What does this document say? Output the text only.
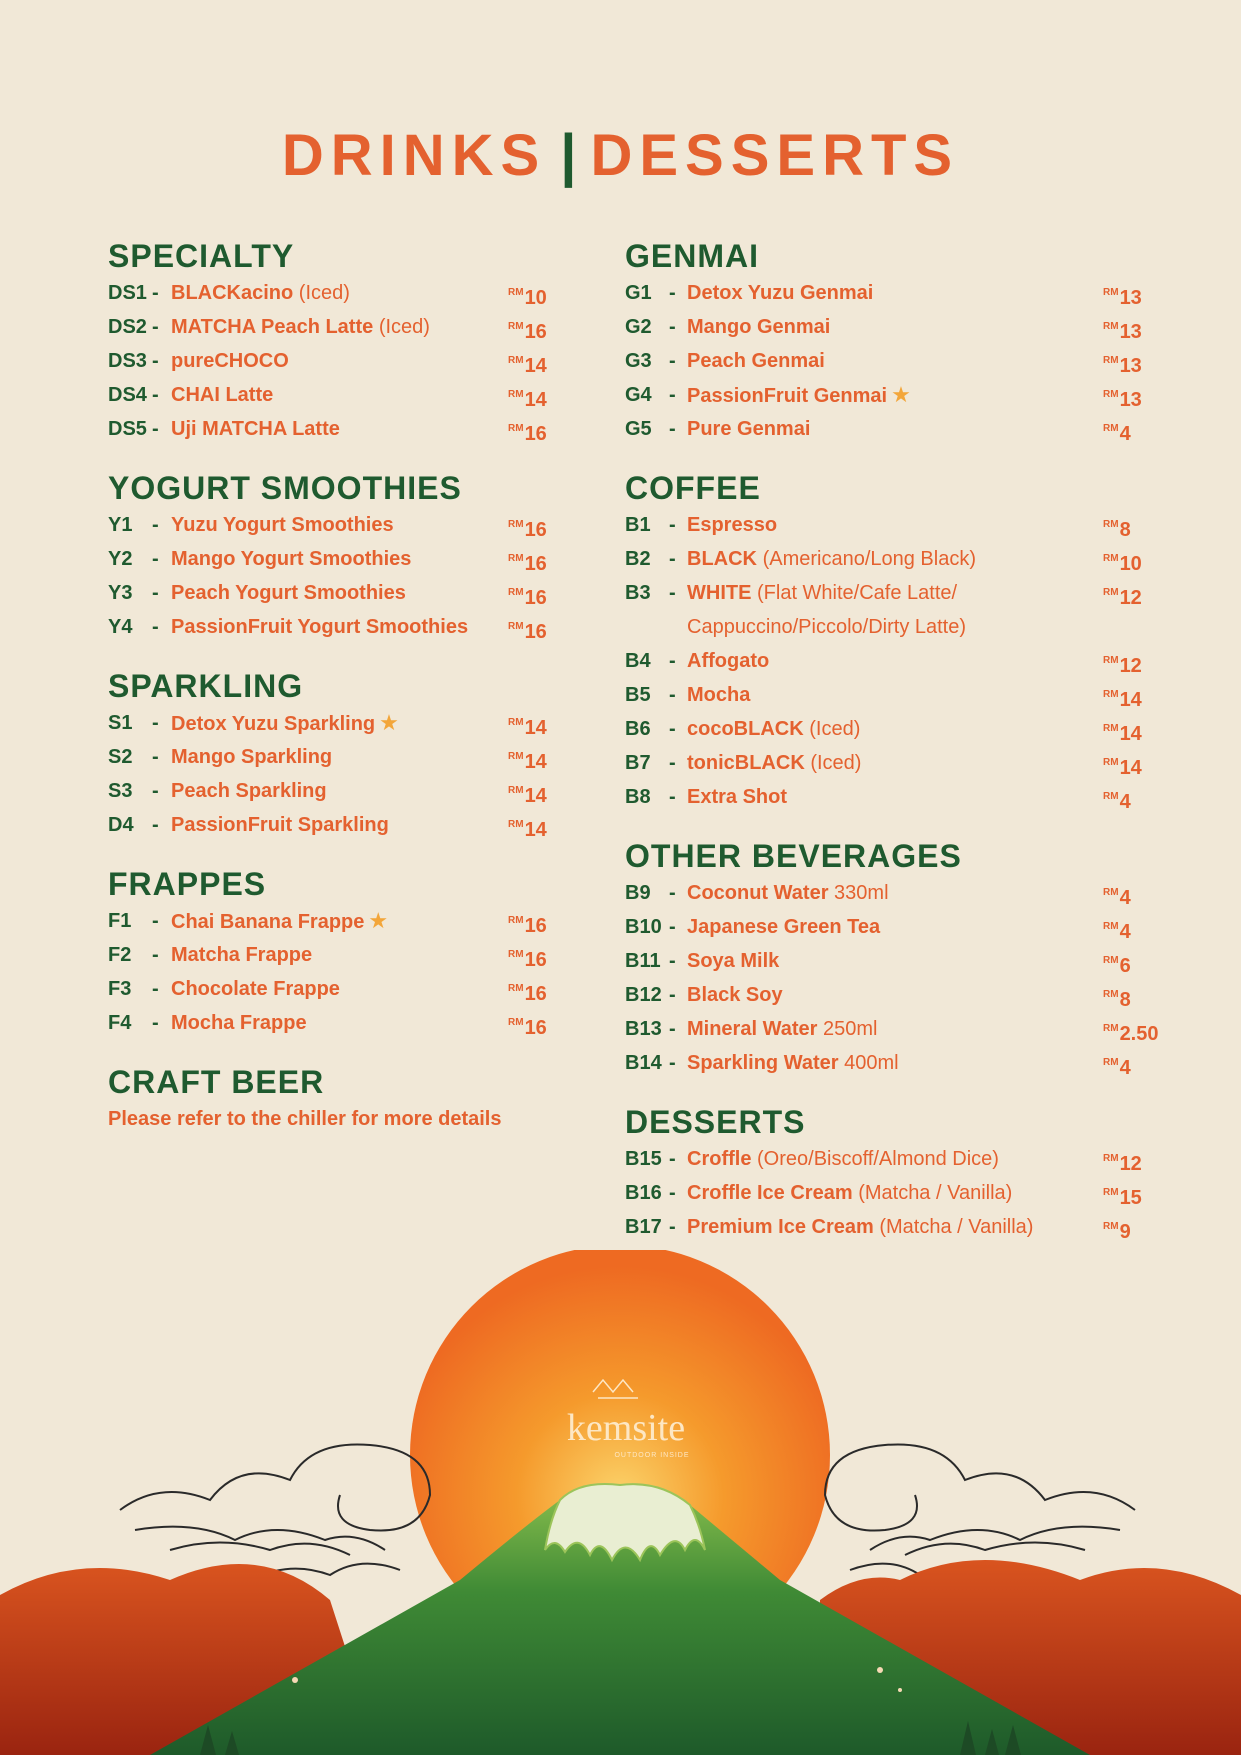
DRINKS | DESSERTS
SPECIALTY
DS1 - BLACKacino (Iced)	$^{RM}$10
DS2 - MATCHA Peach Latte (Iced)	$^{RM}$16
DS3 - pureCHOCO	$^{RM}$14
DS4 - CHAI Latte	$^{RM}$14
DS5 - Uji MATCHA Latte	$^{RM}$16
YOGURT SMOOTHIES
Y1 - Yuzu Yogurt Smoothies	$^{RM}$16
Y2 - Mango Yogurt Smoothies	$^{RM}$16
Y3 - Peach Yogurt Smoothies	$^{RM}$16
Y4 - PassionFruit Yogurt Smoothies	$^{RM}$16
SPARKLING
S1 - Detox Yuzu Sparkling ★	$^{RM}$14
S2 - Mango Sparkling	$^{RM}$14
S3 - Peach Sparkling	$^{RM}$14
D4 - PassionFruit Sparkling	$^{RM}$14
FRAPPES
F1 - Chai Banana Frappe ★	$^{RM}$16
F2 - Matcha Frappe	$^{RM}$16
F3 - Chocolate Frappe	$^{RM}$16
F4 - Mocha Frappe	$^{RM}$16
CRAFT BEER
Please refer to the chiller for more details
GENMAI
G1 - Detox Yuzu Genmai	$^{RM}$13
G2 - Mango Genmai	$^{RM}$13
G3 - Peach Genmai	$^{RM}$13
G4 - PassionFruit Genmai ★	$^{RM}$13
G5 - Pure Genmai	$^{RM}$4
COFFEE
B1 - Espresso	$^{RM}$8
B2 - BLACK (Americano/Long Black)	$^{RM}$10
B3 - WHITE (Flat White/Cafe Latte/
Cappuccino/Piccolo/Dirty Latte)
$^{RM}$12
B4 - Affogato	$^{RM}$12
B5 - Mocha	$^{RM}$14
B6 - cocoBLACK (Iced)	$^{RM}$14
B7 - tonicBLACK (Iced)	$^{RM}$14
B8 - Extra Shot	$^{RM}$4
OTHER BEVERAGES
B9 - Coconut Water 330ml	$^{RM}$4
B10 - Japanese Green Tea	$^{RM}$4
B11 - Soya Milk	$^{RM}$6
B12 - Black Soy	$^{RM}$8
B13 - Mineral Water 250ml	$^{RM}$2.50
B14 - Sparkling Water 400ml	$^{RM}$4
DESSERTS
B15 - Croffle (Oreo/Biscoff/Almond Dice)	$^{RM}$12
B16 - Croffle Ice Cream (Matcha / Vanilla)	$^{RM}$15
B17 - Premium Ice Cream (Matcha / Vanilla)	$^{RM}$9
kemsite
OUTDOOR INSIDE
